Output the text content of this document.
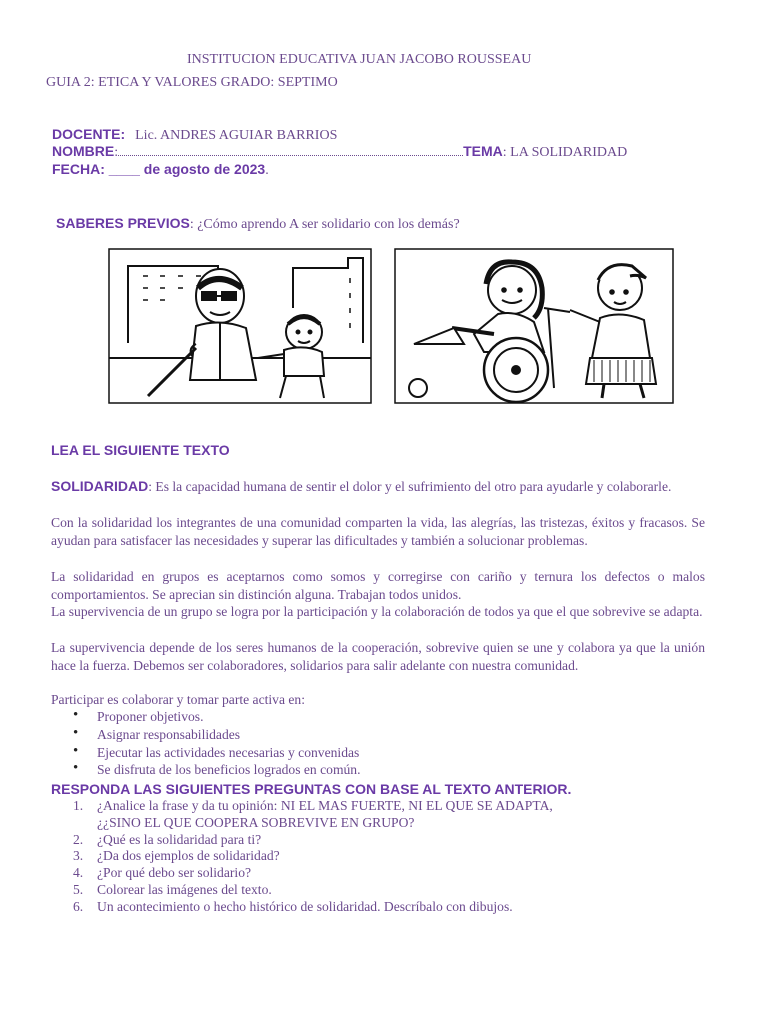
INSTITUCION EDUCATIVA JUAN JACOBO ROUSSEAU
GUIA 2: ETICA Y VALORES GRADO: SEPTIMO
DOCENTE: Lic. ANDRES AGUIAR BARRIOS
NOMBRE:	TEMA: LA SOLIDARIDAD
FECHA: ____ de agosto de 2023.
SABERES PREVIOS: ¿Cómo aprendo A ser solidario con los demás?
LEA EL SIGUIENTE TEXTO
SOLIDARIDAD: Es la capacidad humana de sentir el dolor y el sufrimiento del otro para ayudarle y colaborarle.
Con la solidaridad los integrantes de una comunidad comparten la vida, las alegrías, las tristezas, éxitos y fracasos. Se ayudan para satisfacer las necesidades y superar las dificultades y también a solucionar problemas.
La solidaridad en grupos es aceptarnos como somos y corregirse con cariño y ternura los defectos o malos comportamientos. Se aprecian sin distinción alguna. Trabajan todos unidos.
La supervivencia de un grupo se logra por la participación y la colaboración de todos ya que el que sobrevive se adapta.
La supervivencia depende de los seres humanos de la cooperación, sobrevive quien se une y colabora ya que la unión hace la fuerza. Debemos ser colaboradores, solidarios para salir adelante con nuestra comunidad.
Participar es colaborar y tomar parte activa en:
• Proponer objetivos.
• Asignar responsabilidades
• Ejecutar las actividades necesarias y convenidas
• Se disfruta de los beneficios logrados en común.
RESPONDA LAS SIGUIENTES PREGUNTAS CON BASE AL TEXTO ANTERIOR.
1. ¿Analice la frase y da tu opinión: NI EL MAS FUERTE, NI EL QUE SE ADAPTA,
¿¿SINO EL QUE COOPERA SOBREVIVE EN GRUPO?
2. ¿Qué es la solidaridad para ti?
3. ¿Da dos ejemplos de solidaridad?
4. ¿Por qué debo ser solidario?
5. Colorear las imágenes del texto.
6. Un acontecimiento o hecho histórico de solidaridad. Descríbalo con dibujos.
